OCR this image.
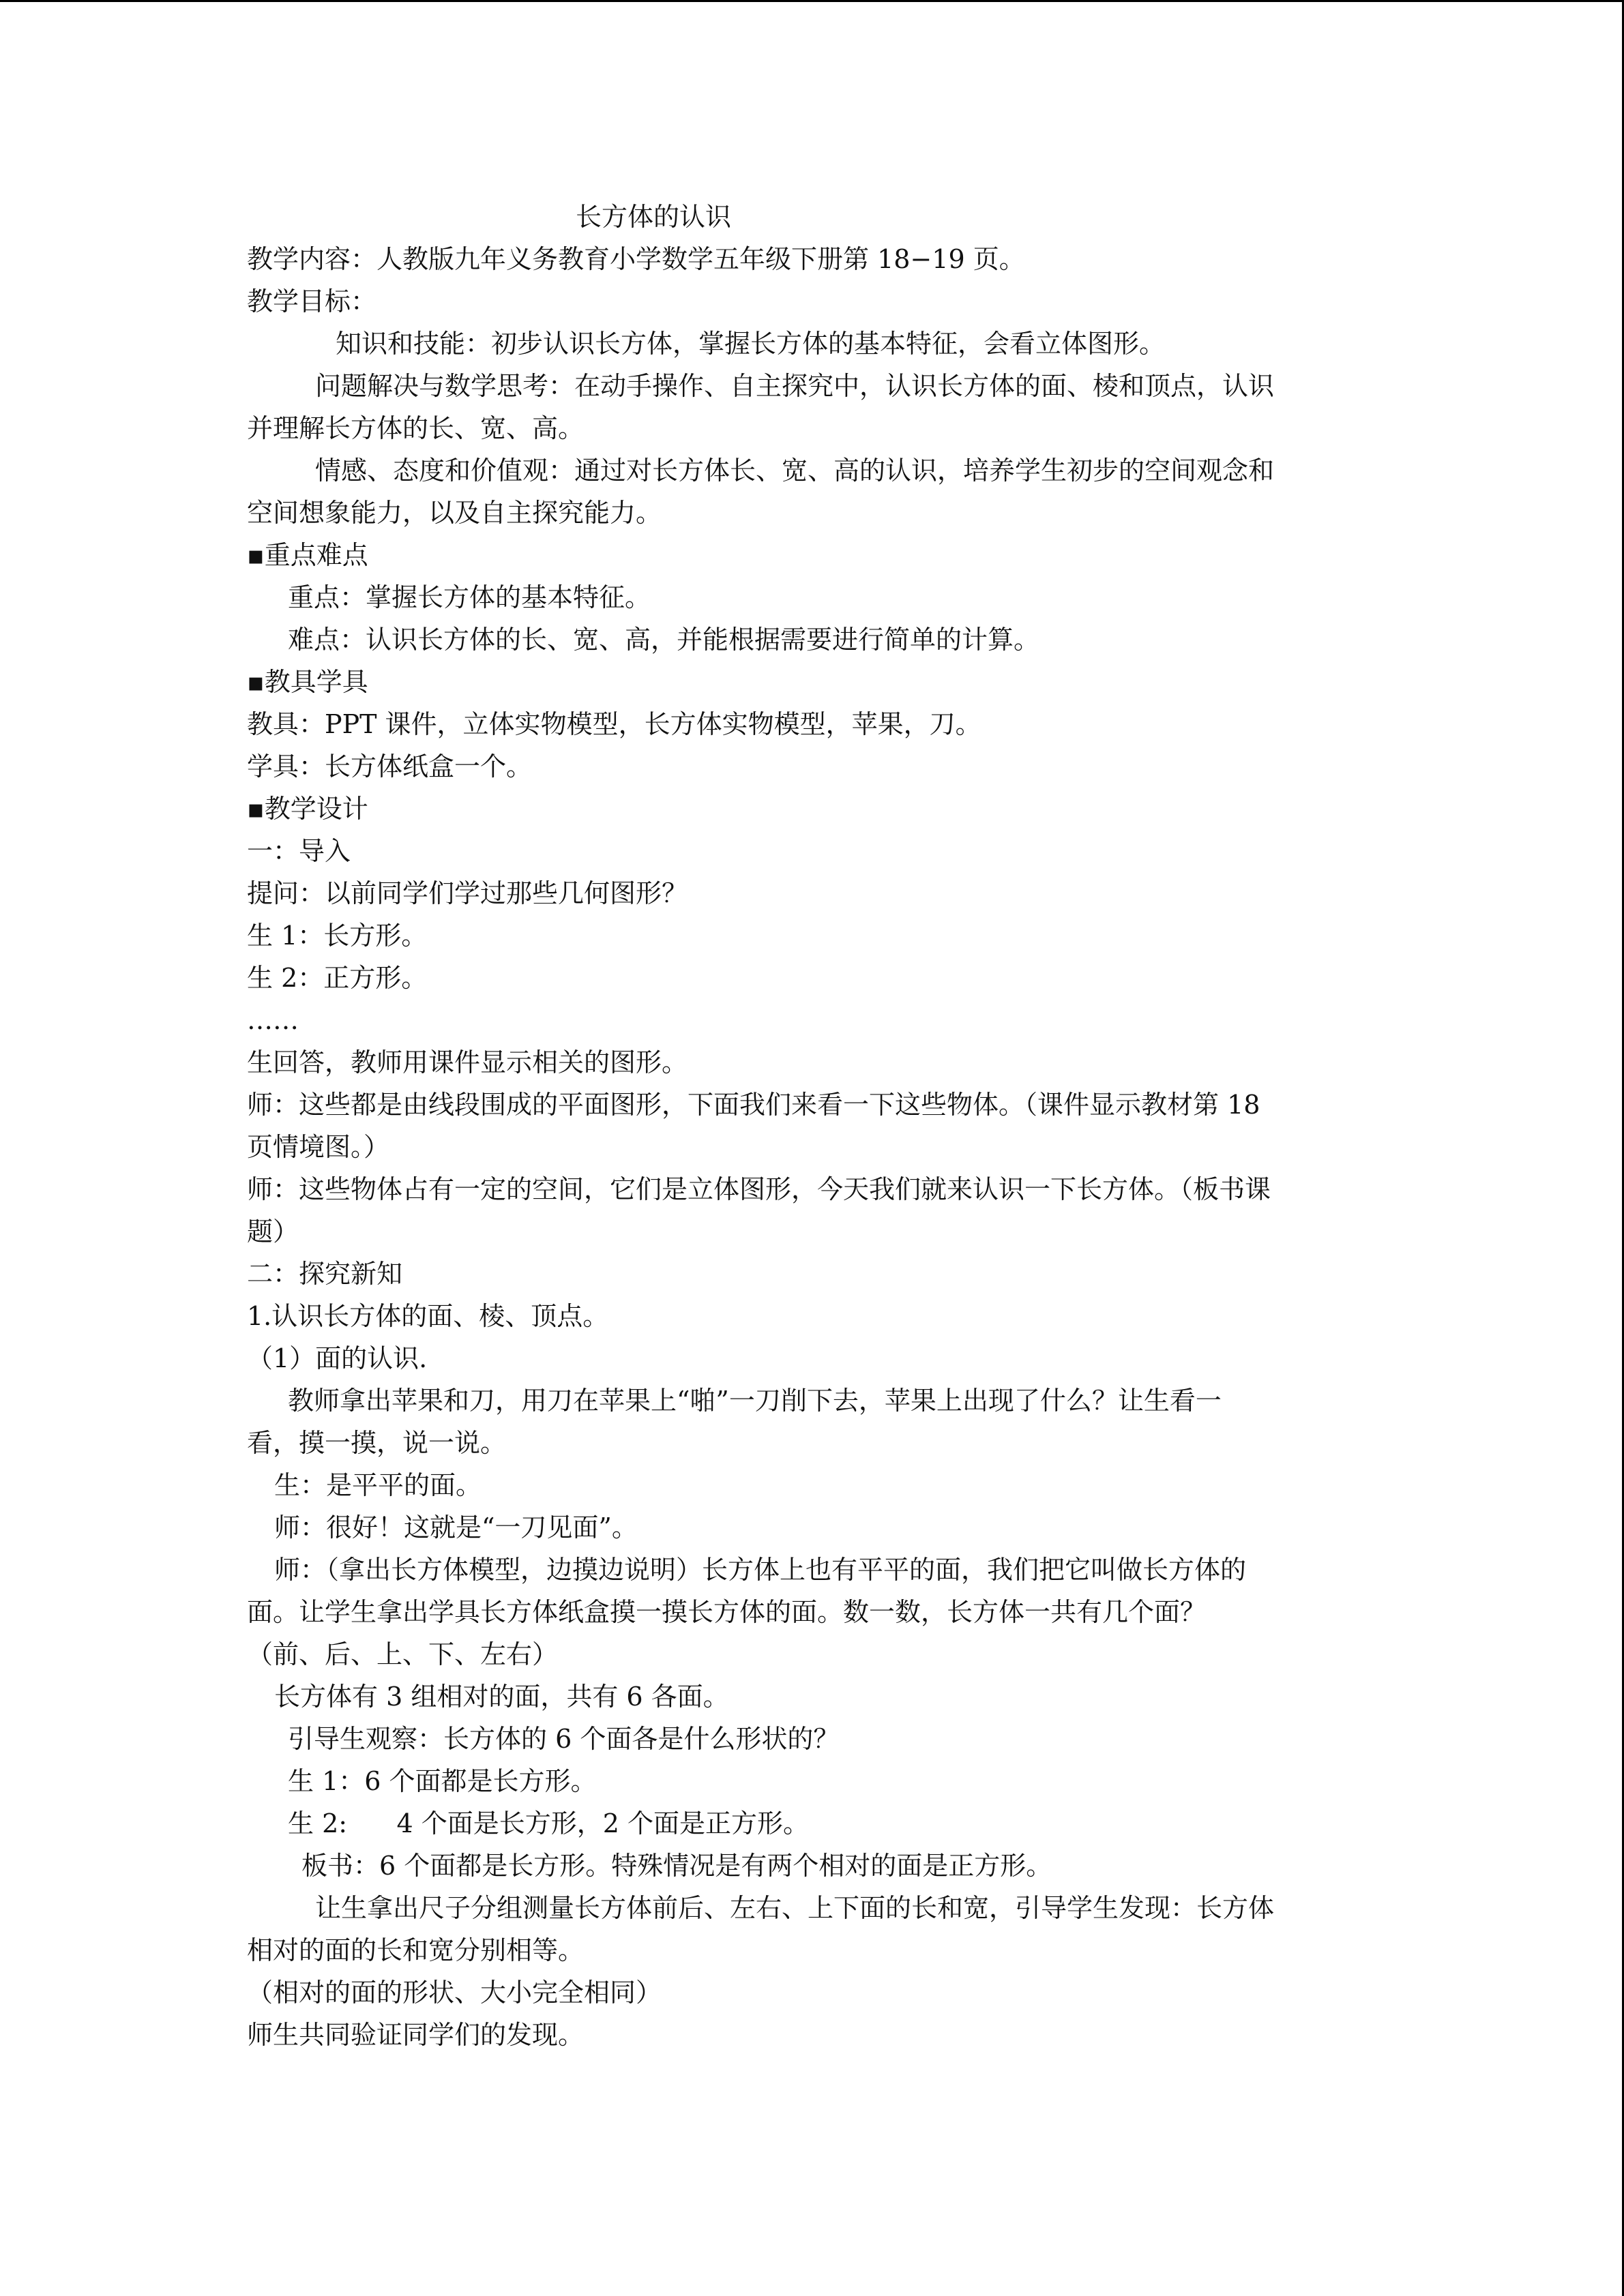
长方体的认识
教学内容：人教版九年义务教育小学数学五年级下册第 18−19 页。
教学目标：
知识和技能：初步认识长方体，掌握长方体的基本特征，会看立体图形。
问题解决与数学思考：在动手操作、自主探究中，认识长方体的面、棱和顶点，认识
并理解长方体的长、宽、高。
情感、态度和价值观：通过对长方体长、宽、高的认识，培养学生初步的空间观念和
空间想象能力，以及自主探究能力。
▪重点难点
重点：掌握长方体的基本特征。
难点：认识长方体的长、宽、高，并能根据需要进行简单的计算。
▪教具学具
教具：PPT 课件，立体实物模型，长方体实物模型，苹果，刀。
学具：长方体纸盒一个。
▪教学设计
一：导入
提问：以前同学们学过那些几何图形？
生 1：长方形。
生 2：正方形。
……
生回答，教师用课件显示相关的图形。
师：这些都是由线段围成的平面图形，下面我们来看一下这些物体。（课件显示教材第 18
页情境图。）
师：这些物体占有一定的空间，它们是立体图形，今天我们就来认识一下长方体。（板书课
题）
二：探究新知
1.认识长方体的面、棱、顶点。
（1）面的认识.
教师拿出苹果和刀，用刀在苹果上“啪”一刀削下去，苹果上出现了什么？让生看一
看，摸一摸，说一说。
生：是平平的面。
师：很好！这就是“一刀见面”。
师：（拿出长方体模型，边摸边说明）长方体上也有平平的面，我们把它叫做长方体的
面。让学生拿出学具长方体纸盒摸一摸长方体的面。数一数，长方体一共有几个面？
（前、后、上、下、左右）
长方体有 3 组相对的面，共有 6 各面。
引导生观察：长方体的 6 个面各是什么形状的？
生 1：6 个面都是长方形。
生 2:      4 个面是长方形，2 个面是正方形。
板书：6 个面都是长方形。特殊情况是有两个相对的面是正方形。
让生拿出尺子分组测量长方体前后、左右、上下面的长和宽，引导学生发现：长方体
相对的面的长和宽分别相等。
（相对的面的形状、大小完全相同）
师生共同验证同学们的发现。
